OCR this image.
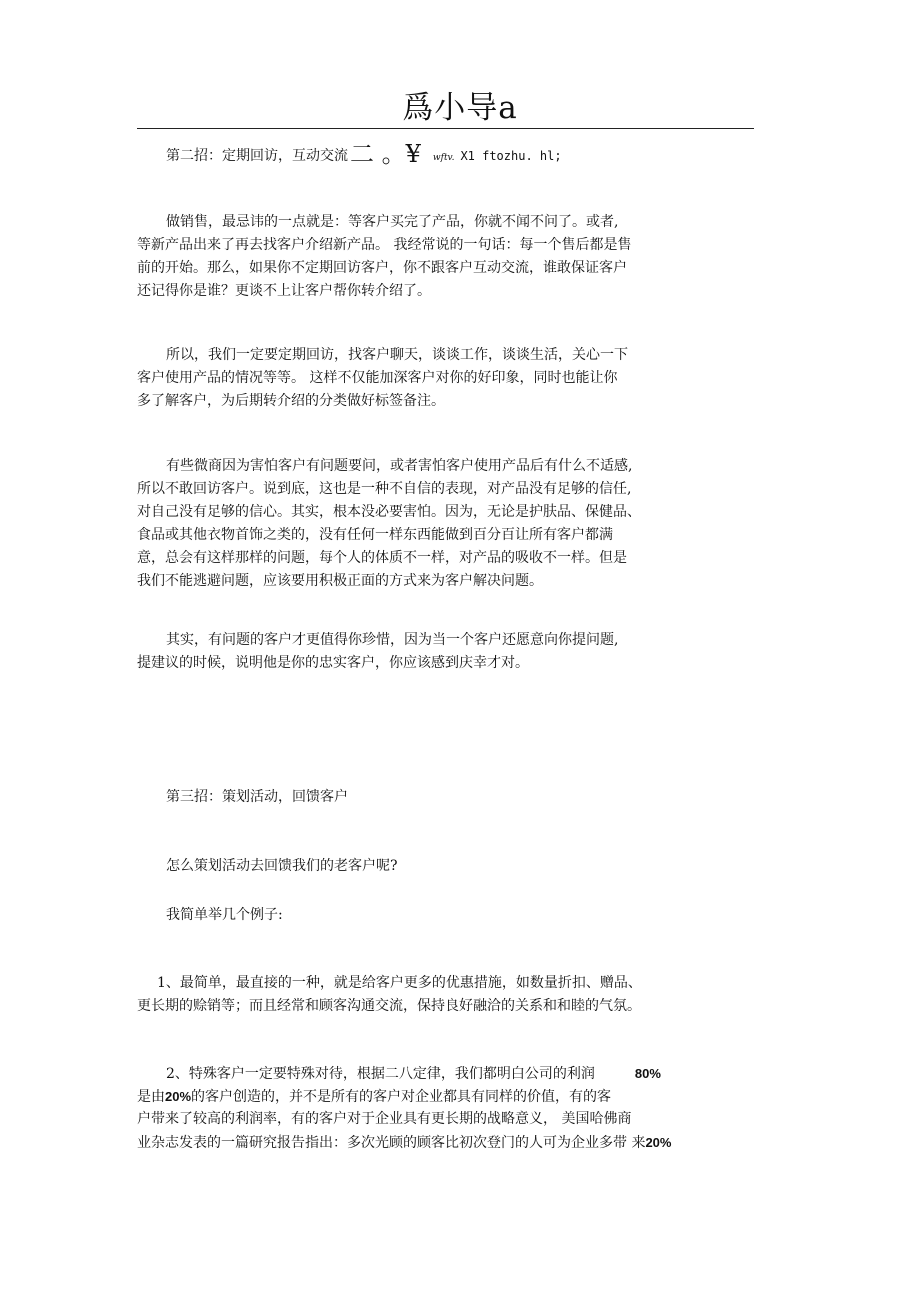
爲小导a
第二招：定期回访，互动交流二 。¥ wftv. X1 ftozhu. hl;
做销售，最忌讳的一点就是：等客户买完了产品，你就不闻不问了。或者,
等新产品出来了再去找客户介绍新产品。 我经常说的一句话：每一个售后都是售
前的开始。那么，如果你不定期回访客户，你不跟客户互动交流，谁敢保证客户
还记得你是谁？更谈不上让客户帮你转介绍了。
所以，我们一定要定期回访，找客户聊天，谈谈工作，谈谈生活，关心一下
客户使用产品的情况等等。 这样不仅能加深客户对你的好印象，同时也能让你
多了解客户，为后期转介绍的分类做好标签备注。
有些微商因为害怕客户有问题要问，或者害怕客户使用产品后有什么不适感,
所以不敢回访客户。说到底，这也是一种不自信的表现，对产品没有足够的信任,
对自己没有足够的信心。其实，根本没必要害怕。因为，无论是护肤品、保健品、
食品或其他衣物首饰之类的，没有任何一样东西能做到百分百让所有客户都满
意，总会有这样那样的问题，每个人的体质不一样，对产品的吸收不一样。但是
我们不能逃避问题，应该要用积极正面的方式来为客户解决问题。
其实，有问题的客户才更值得你珍惜，因为当一个客户还愿意向你提问题,
提建议的时候，说明他是你的忠实客户，你应该感到庆幸才对。
第三招：策划活动，回馈客户
怎么策划活动去回馈我们的老客户呢?
我简单举几个例子:
1、最简单，最直接的一种，就是给客户更多的优惠措施，如数量折扣、赠品、
更长期的赊销等；而且经常和顾客沟通交流，保持良好融洽的关系和和睦的气氛。
2、特殊客户一定要特殊对待，根据二八定律，我们都明白公司的利润	80%
是由20%的客户创造的，并不是所有的客户对企业都具有同样的价值，有的客
户带来了较高的利润率，有的客户对于企业具有更长期的战略意义， 美国哈佛商
业杂志发表的一篇研究报告指出：多次光顾的顾客比初次登门的人可为企业多带 来20%
